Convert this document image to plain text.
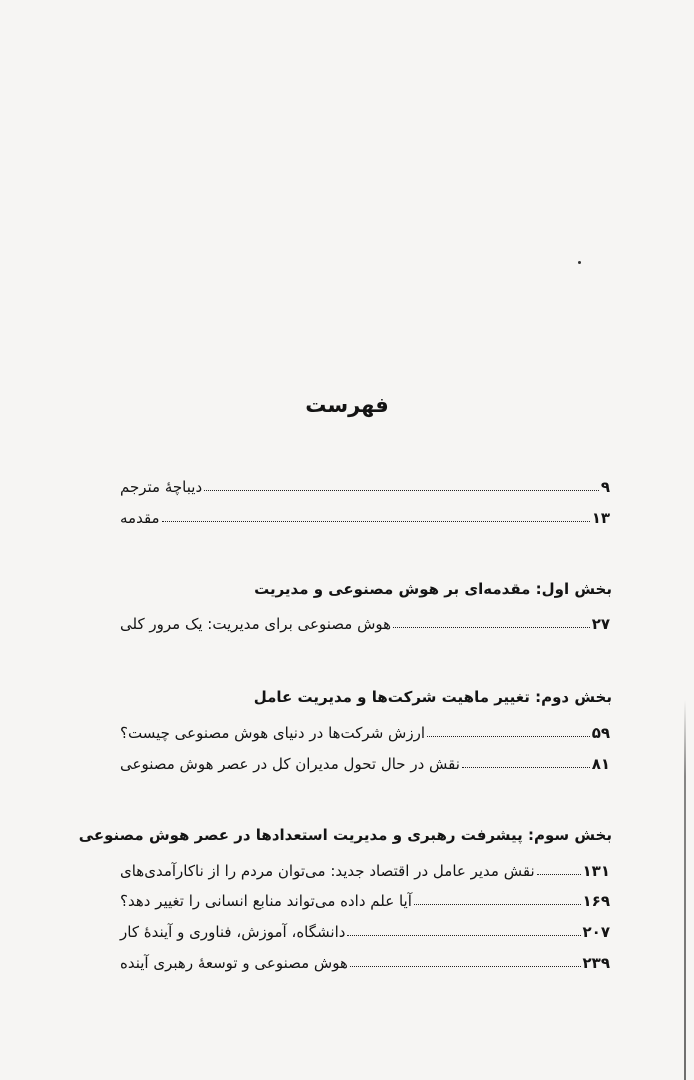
فهرست
دیباچۀ مترجم	۹
مقدمه	۱۳
بخش اول: مقدمه‌ای بر هوش مصنوعی و مدیریت
هوش مصنوعی برای مدیریت: یک مرور کلی	۲۷
بخش دوم: تغییر ماهیت شرکت‌ها و مدیریت عامل
ارزش شرکت‌ها در دنیای هوش مصنوعی چیست؟	۵۹
نقش در حال تحول مدیران کل در عصر هوش مصنوعی	۸۱
بخش سوم: پیشرفت رهبری و مدیریت استعدادها در عصر هوش مصنوعی
نقش مدیر عامل در اقتصاد جدید: می‌توان مردم را از ناکارآمدی‌های	۱۳۱
آیا علم داده می‌تواند منابع انسانی را تغییر دهد؟	۱۶۹
دانشگاه، آموزش، فناوری و آیندۀ کار	۲۰۷
هوش مصنوعی و توسعۀ رهبری آینده	۲۳۹
